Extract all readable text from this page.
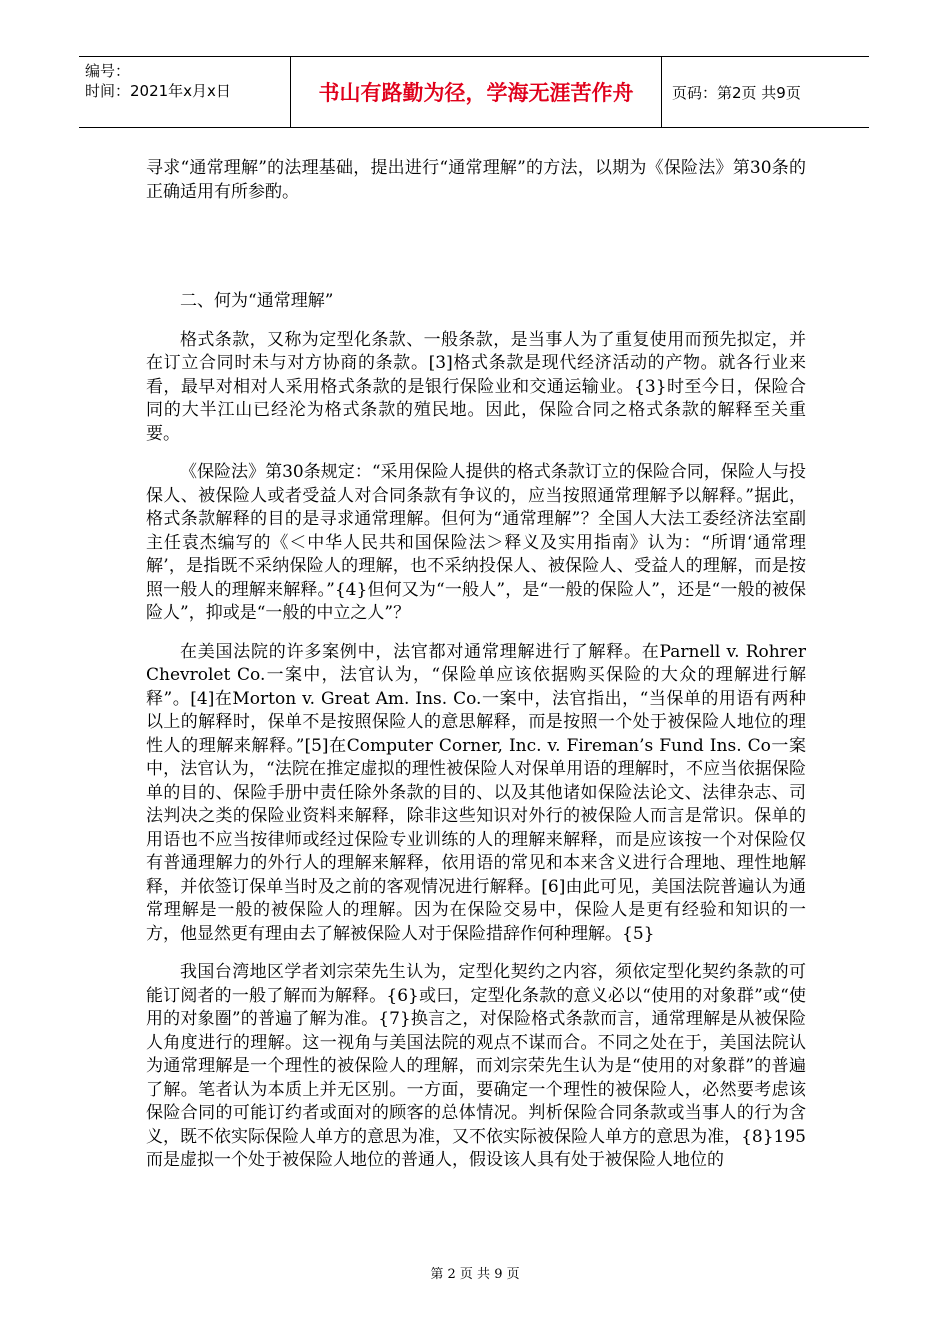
编号：
时间：2021年x月x日	书山有路勤为径，学海无涯苦作舟	页码：第2页 共9页

寻求“通常理解”的法理基础，提出进行“通常理解”的方法，以期为《保险法》第30条的正确适用有所参酌。

二、何为“通常理解”

格式条款，又称为定型化条款、一般条款，是当事人为了重复使用而预先拟定，并在订立合同时未与对方协商的条款。[3]格式条款是现代经济活动的产物。就各行业来看，最早对相对人采用格式条款的是银行保险业和交通运输业。{3}时至今日，保险合同的大半江山已经沦为格式条款的殖民地。因此，保险合同之格式条款的解释至关重要。

《保险法》第30条规定：“采用保险人提供的格式条款订立的保险合同，保险人与投保人、被保险人或者受益人对合同条款有争议的，应当按照通常理解予以解释。”据此，格式条款解释的目的是寻求通常理解。但何为“通常理解”？全国人大法工委经济法室副主任袁杰编写的《＜中华人民共和国保险法＞释义及实用指南》认为：“所谓‘通常理解’，是指既不采纳保险人的理解，也不采纳投保人、被保险人、受益人的理解，而是按照一般人的理解来解释。”{4}但何又为“一般人”，是“一般的保险人”，还是“一般的被保险人”，抑或是“一般的中立之人”？

在美国法院的许多案例中，法官都对通常理解进行了解释。在Parnell v. Rohrer Chevrolet Co.一案中，法官认为，“保险单应该依据购买保险的大众的理解进行解释”。[4]在Morton v. Great Am. Ins. Co.一案中，法官指出，“当保单的用语有两种以上的解释时，保单不是按照保险人的意思解释，而是按照一个处于被保险人地位的理性人的理解来解释。”[5]在Computer Corner, Inc. v. Fireman’s Fund Ins. Co一案中，法官认为，“法院在推定虚拟的理性被保险人对保单用语的理解时，不应当依据保险单的目的、保险手册中责任除外条款的目的、以及其他诸如保险法论文、法律杂志、司法判决之类的保险业资料来解释，除非这些知识对外行的被保险人而言是常识。保单的用语也不应当按律师或经过保险专业训练的人的理解来解释，而是应该按一个对保险仅有普通理解力的外行人的理解来解释，依用语的常见和本来含义进行合理地、理性地解释，并依签订保单当时及之前的客观情况进行解释。[6]由此可见，美国法院普遍认为通常理解是一般的被保险人的理解。因为在保险交易中，保险人是更有经验和知识的一方，他显然更有理由去了解被保险人对于保险措辞作何种理解。{5}

我国台湾地区学者刘宗荣先生认为，定型化契约之内容，须依定型化契约条款的可能订阅者的一般了解而为解释。{6}或曰，定型化条款的意义必以“使用的对象群”或“使用的对象圈”的普遍了解为准。{7}换言之，对保险格式条款而言，通常理解是从被保险人角度进行的理解。这一视角与美国法院的观点不谋而合。不同之处在于，美国法院认为通常理解是一个理性的被保险人的理解，而刘宗荣先生认为是“使用的对象群”的普遍了解。笔者认为本质上并无区别。一方面，要确定一个理性的被保险人，必然要考虑该保险合同的可能订约者或面对的顾客的总体情况。判析保险合同条款或当事人的行为含义，既不依实际保险人单方的意思为准，又不依实际被保险人单方的意思为准，{8}195而是虚拟一个处于被保险人地位的普通人，假设该人具有处于被保险人地位的

第 2 页 共 9 页
